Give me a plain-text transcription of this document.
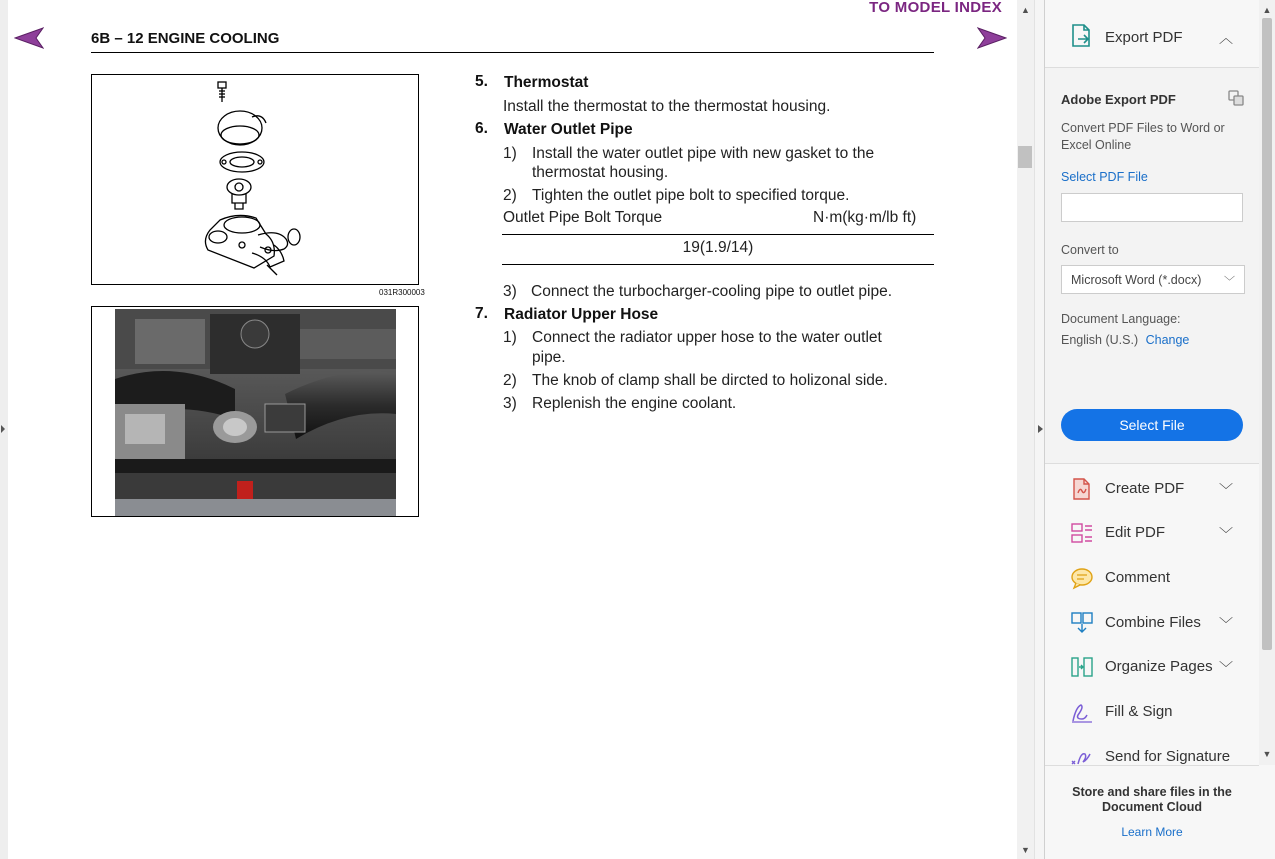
TO MODEL INDEX
6B – 12 ENGINE COOLING
031R300003
5. Thermostat
Install the thermostat to the thermostat housing.
6. Water Outlet Pipe
1) Install the water outlet pipe with new gasket to the
thermostat housing.
2) Tighten the outlet pipe bolt to specified torque.
Outlet Pipe Bolt Torque	N·m(kg·m/lb ft)
19(1.9/14)
3) Connect the turbocharger-cooling pipe to outlet pipe.
7. Radiator Upper Hose
1) Connect the radiator upper hose to the water outlet
pipe.
2) The knob of clamp shall be dircted to holizonal side.
3) Replenish the engine coolant.
▲
▼
Export PDF	︿
Adobe Export PDF
Convert PDF Files to Word or Excel Online
Select PDF File
Convert to
Microsoft Word (*.docx) ﹀
Document Language:
English (U.S.) Change
Select File
Create PDF ﹀
Edit PDF	﹀
Comment
Combine Files ﹀
Organize Pages ﹀
Fill & Sign
Send for Signature
Store and share files in the Document Cloud
Learn More
▲
▼
